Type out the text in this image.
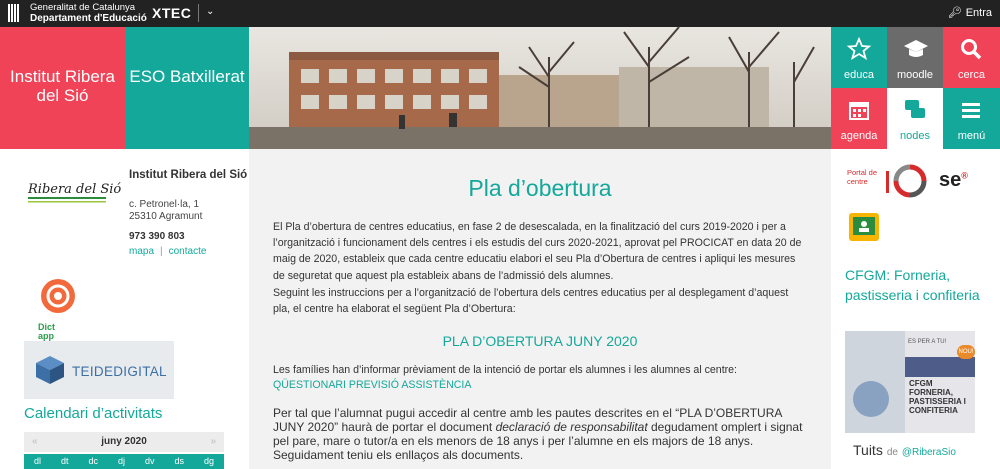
Generalitat de Catalunya
Departament d'Educació XTEC ⌄	🔑︎ Entra
Institut Ribera del Sió
ESO Batxillerat	educa	moodle	cerca
agenda	nodes	menú
Ribera del Sió
Institut Ribera del Sió
c. Petronel·la, 1
25310 Agramunt
973 390 803
mapa | contacte
Dict app
TEIDEDIGITAL
Calendari d’activitats
«	juny 2020	»
dl dt dc dj dv ds dg
Pla d’obertura

El Pla d’obertura de centres educatius, en fase 2 de desescalada, en la finalització del curs 2019-2020 i per a l’organització i funcionament dels centres i els estudis del curs 2020-2021, aprovat pel PROCICAT en data 20 de maig de 2020, estableix que cada centre educatiu elabori el seu Pla d’Obertura de centres i apliqui les mesures de seguretat que aquest pla estableix abans de l’admissió dels alumnes.

Seguint les instruccions per a l’organització de l’obertura dels centres educatius per al desplegament d’aquest pla, el centre ha elaborat el següent Pla d’Obertura:

PLA D’OBERTURA JUNY 2020

Les famílies han d’informar prèviament de la intenció de portar els alumnes i les alumnes al centre:

QÜESTIONARI PREVISIÓ ASSISTÈNCIA

Per tal que l’alumnat pugui accedir al centre amb les pautes descrites en el “PLA D’OBERTURA JUNY 2020” haurà de portar el document declaració de responsabilitat degudament omplert i signat pel pare, mare o tutor/a en els menors de 18 anys i per l’alumne en els majors de 18 anys. Seguidament teniu els enllaços als documents.

Portal de centre	se®
CFGM: Forneria, pastisseria i confiteria
ES PER A TU!
CFGM FORNERIA, PASTISSERIA I CONFITERIA
NOU!
Tuits de @RiberaSio
